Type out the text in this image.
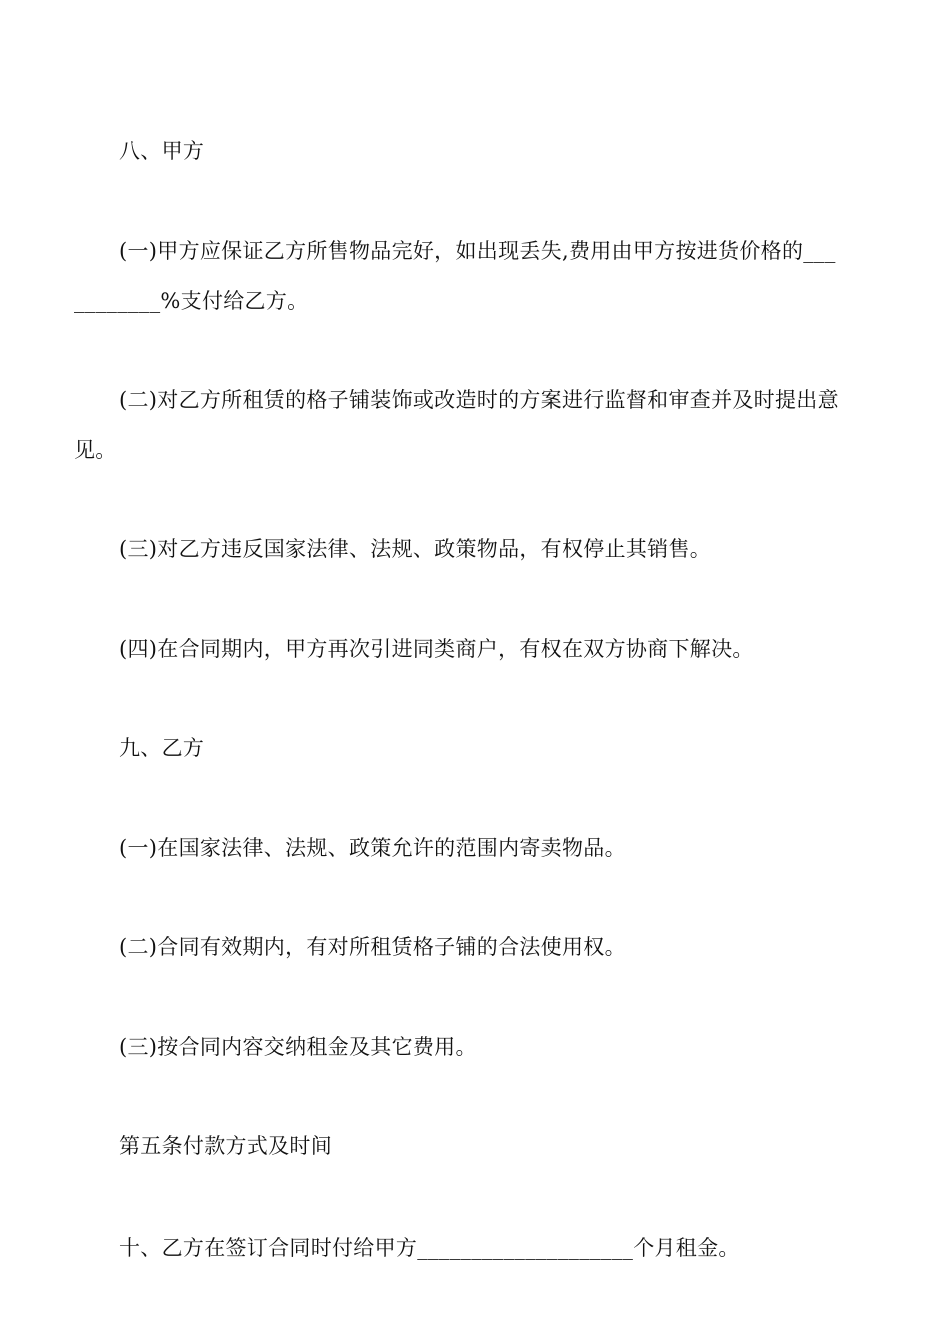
八、甲方
(一)甲方应保证乙方所售物品完好，如出现丢失,费用由甲方按进货价格的___
________%支付给乙方。
(二)对乙方所租赁的格子铺装饰或改造时的方案进行监督和审查并及时提出意
见。
(三)对乙方违反国家法律、法规、政策物品，有权停止其销售。
(四)在合同期内，甲方再次引进同类商户，有权在双方协商下解决。
九、乙方
(一)在国家法律、法规、政策允许的范围内寄卖物品。
(二)合同有效期内，有对所租赁格子铺的合法使用权。
(三)按合同内容交纳租金及其它费用。
第五条付款方式及时间
十、乙方在签订合同时付给甲方____________________个月租金。
